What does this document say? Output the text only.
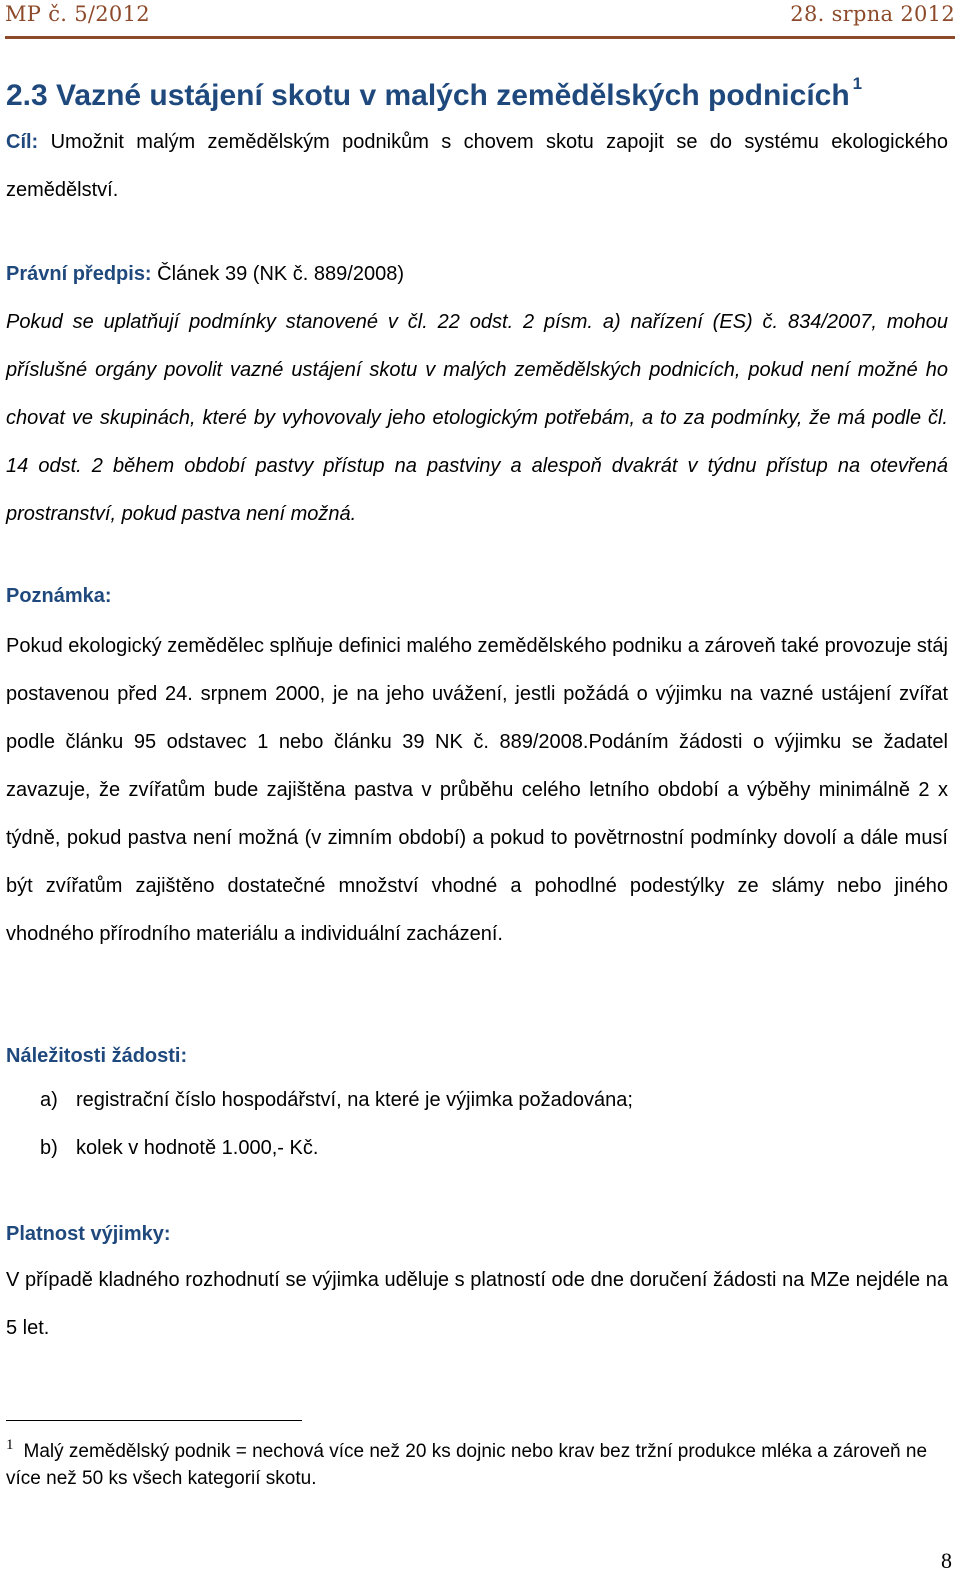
MP č. 5/2012	28. srpna 2012
2.3 Vazné ustájení skotu v malých zemědělských podnicích $^1$
Cíl: Umožnit malým zemědělským podnikům s chovem skotu zapojit se do systému ekologického zemědělství.
Právní předpis: Článek 39 (NK č. 889/2008)
Pokud se uplatňují podmínky stanovené v čl. 22 odst. 2 písm. a) nařízení (ES) č. 834/2007, mohou příslušné orgány povolit vazné ustájení skotu v malých zemědělských podnicích, pokud není možné ho chovat ve skupinách, které by vyhovovaly jeho etologickým potřebám, a to za podmínky, že má podle čl. 14 odst. 2 během období pastvy přístup na pastviny a alespoň dvakrát v týdnu přístup na otevřená prostranství, pokud pastva není možná.
Poznámka:
Pokud ekologický zemědělec splňuje definici malého zemědělského podniku a zároveň také provozuje stáj postavenou před 24. srpnem 2000, je na jeho uvážení, jestli požádá o výjimku na vazné ustájení zvířat podle článku 95 odstavec 1 nebo článku 39 NK č. 889/2008.Podáním žádosti o výjimku se žadatel zavazuje, že zvířatům bude zajištěna pastva v průběhu celého letního období a výběhy minimálně 2 x týdně, pokud pastva není možná (v zimním období) a pokud to povětrnostní podmínky dovolí a dále musí být zvířatům zajištěno dostatečné množství vhodné a pohodlné podestýlky ze slámy nebo jiného vhodného přírodního materiálu a individuální zacházení.
Náležitosti žádosti:
a) registrační číslo hospodářství, na které je výjimka požadována;
b) kolek v hodnotě 1.000,- Kč.
Platnost výjimky:
V případě kladného rozhodnutí se výjimka uděluje s platností ode dne doručení žádosti na MZe nejdéle na 5 let.
$^1$ Malý zemědělský podnik = nechová více než 20 ks dojnic nebo krav bez tržní produkce mléka a zároveň ne více než 50 ks všech kategorií skotu.
8
